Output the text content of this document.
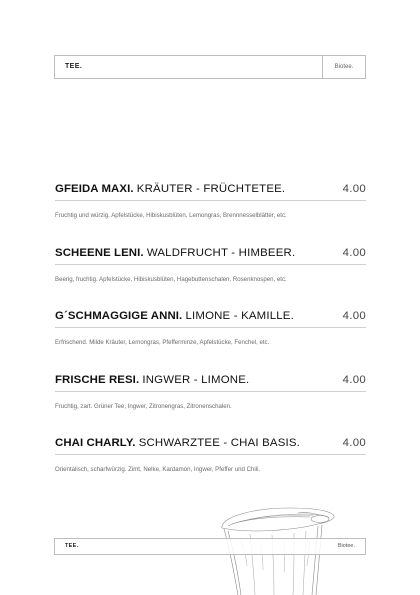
TEE.	Biotee.
GFEIDA MAXI. KRÄUTER - FRÜCHTETEE.	4.00
Fruchtig und würzig. Apfelstücke, Hibiskusblüten, Lemongras, Brennnesselblätter, etc.
SCHEENE LENI. WALDFRUCHT - HIMBEER.	4.00
Beerig, fruchtig. Apfelstücke, Hibiskusblüten, Hagebuttenschalen, Rosenknospen, etc.
G´SCHMAGGIGE ANNI. LIMONE - KAMILLE.	4.00
Erfrischend. Milde Kräuter, Lemongras, Pfefferminze, Apfelstücke, Fenchel, etc.
FRISCHE RESI. INGWER - LIMONE.	4.00
Fruchtig, zart. Grüner Tee, Ingwer, Zitronengras, Zitronenschalen.
CHAI CHARLY. SCHWARZTEE - CHAI BASIS.	4.00
Orientalisch, scharfwürzig. Zimt, Nelke, Kardamon, Ingwer, Pfeffer und Chili.
TEE.	Biotee.
